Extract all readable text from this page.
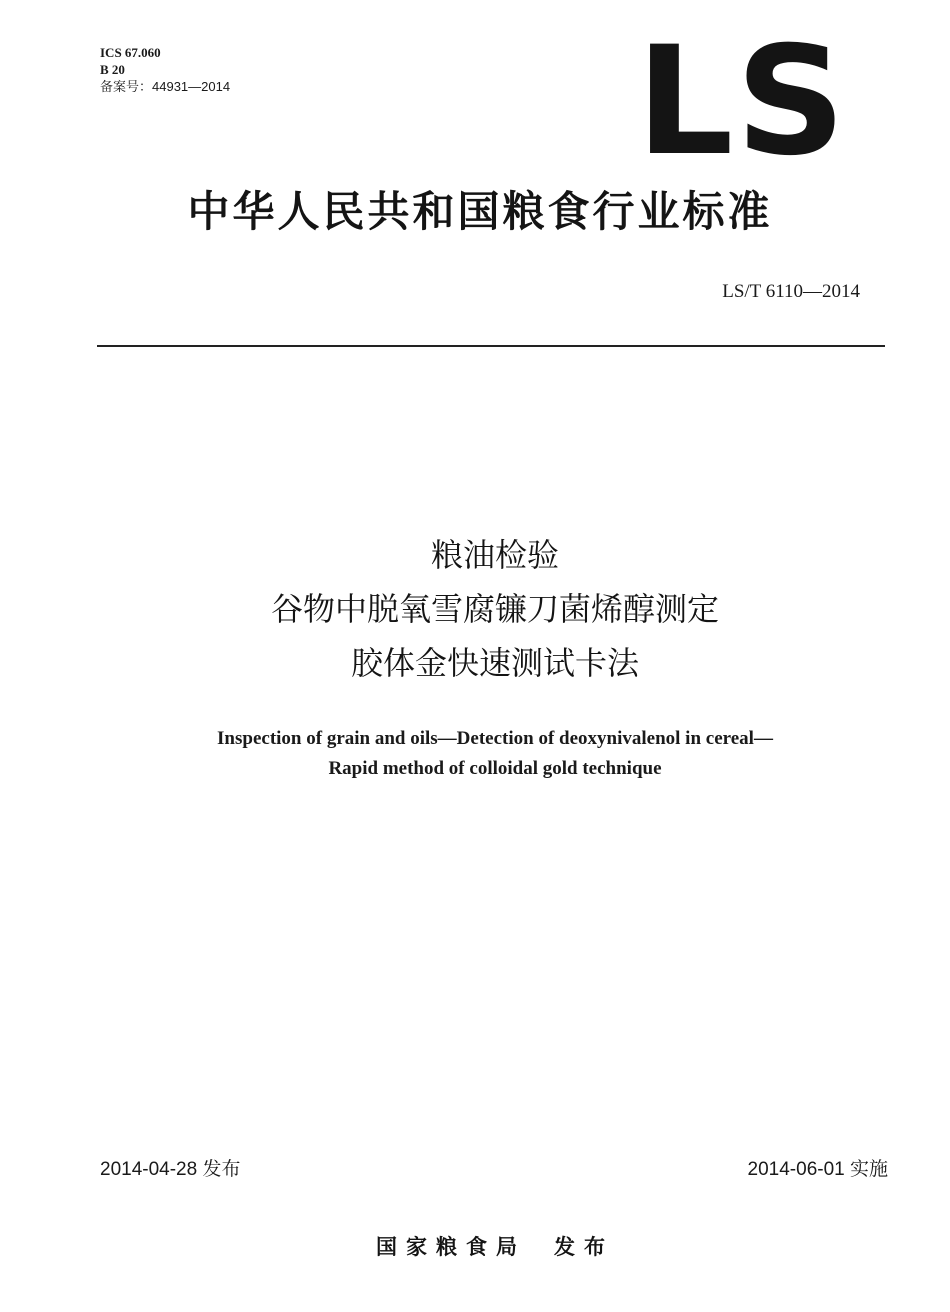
ICS 67.060
B 20
备案号：44931—2014	LS
中华人民共和国粮食行业标准
LS/T 6110—2014
粮油检验
谷物中脱氧雪腐镰刀菌烯醇测定
胶体金快速测试卡法
Inspection of grain and oils—Detection of deoxynivalenol in cereal—
Rapid method of colloidal gold technique
2014-04-28 发布	2014-06-01 实施
国家粮食局 发布
